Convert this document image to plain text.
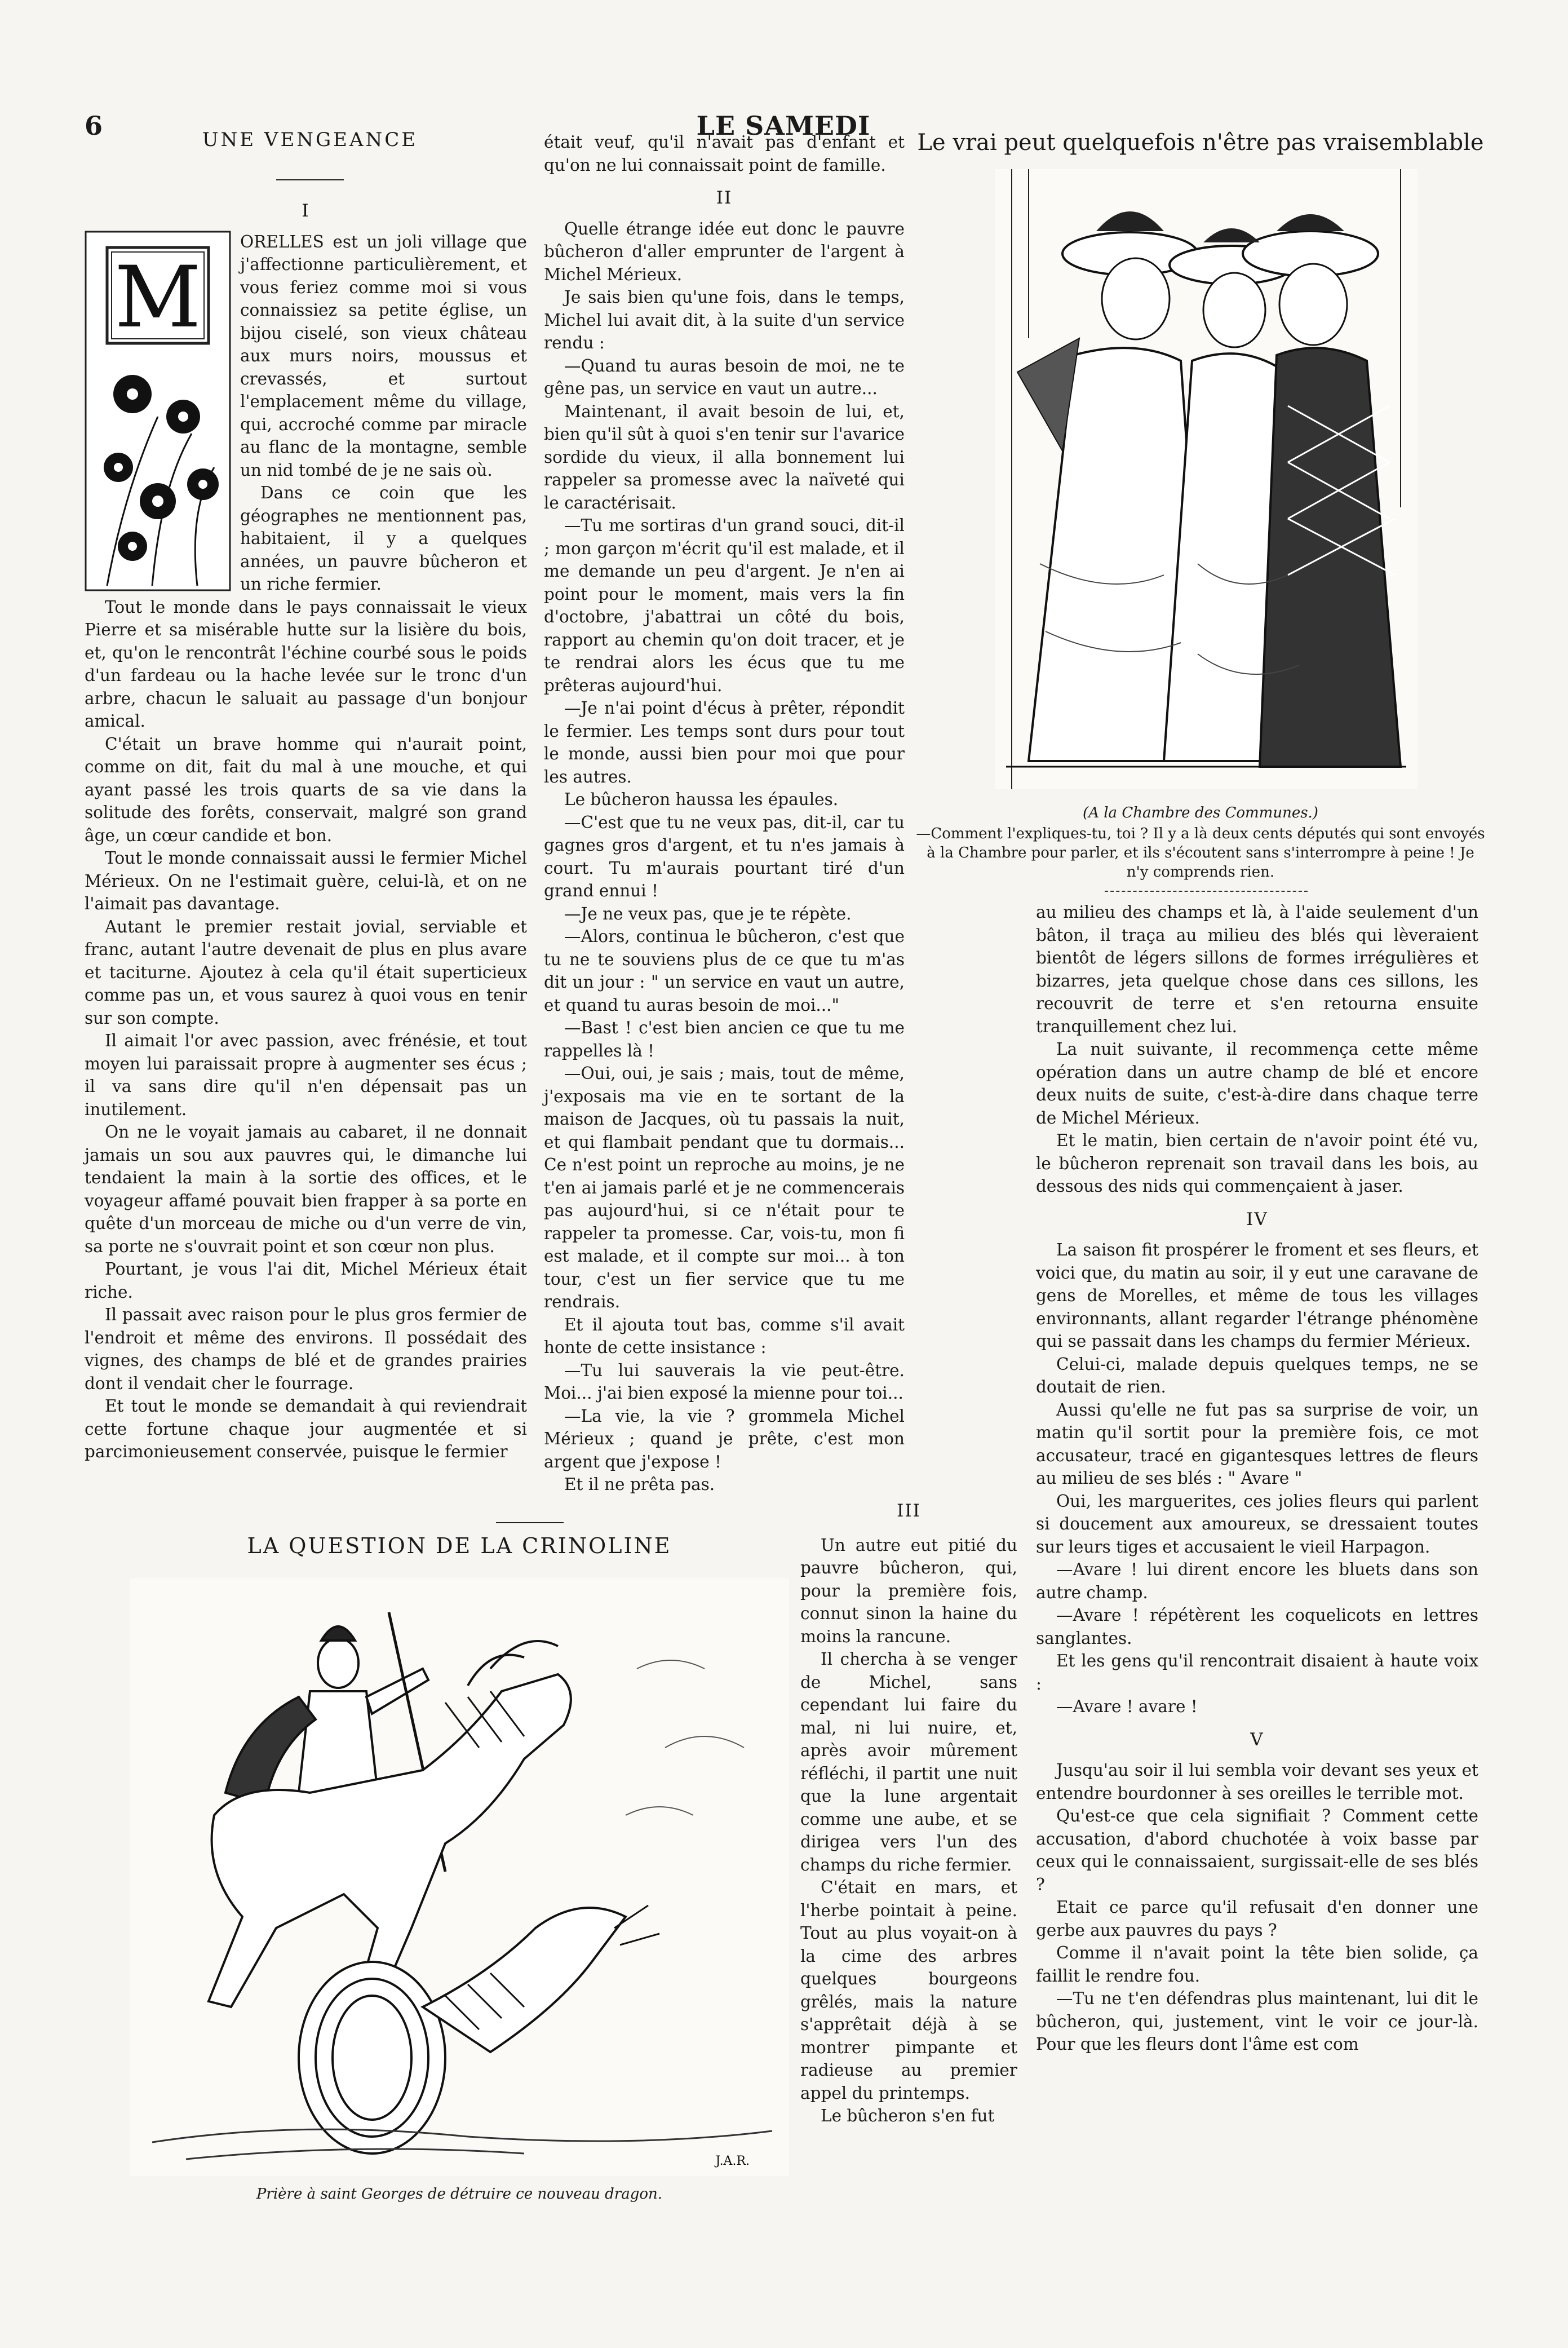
6	LE SAMEDI
UNE VENGEANCE
I
M

ORELLES est un joli village que j'affectionne particulièrement, et vous feriez comme moi si vous connaissiez sa petite église, un bijou ciselé, son vieux château aux murs noirs, moussus et crevassés, et surtout l'emplacement même du village, qui, accroché comme par miracle au flanc de la montagne, semble un nid tombé de je ne sais où.

Dans ce coin que les géographes ne mentionnent pas, habitaient, il y a quelques années, un pauvre bûcheron et un riche fermier.

Tout le monde dans le pays connaissait le vieux Pierre et sa misérable hutte sur la lisière du bois, et, qu'on le rencontrât l'échine courbé sous le poids d'un fardeau ou la hache levée sur le tronc d'un arbre, chacun le saluait au passage d'un bonjour amical.

C'était un brave homme qui n'aurait point, comme on dit, fait du mal à une mouche, et qui ayant passé les trois quarts de sa vie dans la solitude des forêts, conservait, malgré son grand âge, un cœur candide et bon.

Tout le monde connaissait aussi le fermier Michel Mérieux. On ne l'estimait guère, celui-là, et on ne l'aimait pas davantage.

Autant le premier restait jovial, serviable et franc, autant l'autre devenait de plus en plus avare et taciturne. Ajoutez à cela qu'il était superticieux comme pas un, et vous saurez à quoi vous en tenir sur son compte.

Il aimait l'or avec passion, avec frénésie, et tout moyen lui paraissait propre à augmenter ses écus ; il va sans dire qu'il n'en dépensait pas un inutilement.

On ne le voyait jamais au cabaret, il ne donnait jamais un sou aux pauvres qui, le dimanche lui tendaient la main à la sortie des offices, et le voyageur affamé pouvait bien frapper à sa porte en quête d'un morceau de miche ou d'un verre de vin, sa porte ne s'ouvrait point et son cœur non plus.

Pourtant, je vous l'ai dit, Michel Mérieux était riche.

Il passait avec raison pour le plus gros fermier de l'endroit et même des environs. Il possédait des vignes, des champs de blé et de grandes prairies dont il vendait cher le fourrage.

Et tout le monde se demandait à qui reviendrait cette fortune chaque jour augmentée et si parcimonieusement conservée, puisque le fermier

était veuf, qu'il n'avait pas d'enfant et qu'on ne lui connaissait point de famille.

II

Quelle étrange idée eut donc le pauvre bûcheron d'aller emprunter de l'argent à Michel Mérieux.

Je sais bien qu'une fois, dans le temps, Michel lui avait dit, à la suite d'un service rendu :

—Quand tu auras besoin de moi, ne te gêne pas, un service en vaut un autre...

Maintenant, il avait besoin de lui, et, bien qu'il sût à quoi s'en tenir sur l'avarice sordide du vieux, il alla bonnement lui rappeler sa promesse avec la naïveté qui le caractérisait.

—Tu me sortiras d'un grand souci, dit-il ; mon garçon m'écrit qu'il est malade, et il me demande un peu d'argent. Je n'en ai point pour le moment, mais vers la fin d'octobre, j'abattrai un côté du bois, rapport au chemin qu'on doit tracer, et je te rendrai alors les écus que tu me prêteras aujourd'hui.

—Je n'ai point d'écus à prêter, répondit le fermier. Les temps sont durs pour tout le monde, aussi bien pour moi que pour les autres.

Le bûcheron haussa les épaules.

—C'est que tu ne veux pas, dit-il, car tu gagnes gros d'argent, et tu n'es jamais à court. Tu m'aurais pourtant tiré d'un grand ennui !

—Je ne veux pas, que je te répète.

—Alors, continua le bûcheron, c'est que tu ne te souviens plus de ce que tu m'as dit un jour : " un service en vaut un autre, et quand tu auras besoin de moi..."

—Bast ! c'est bien ancien ce que tu me rappelles là !

—Oui, oui, je sais ; mais, tout de même, j'exposais ma vie en te sortant de la maison de Jacques, où tu passais la nuit, et qui flambait pendant que tu dormais... Ce n'est point un reproche au moins, je ne t'en ai jamais parlé et je ne commencerais pas aujourd'hui, si ce n'était pour te rappeler ta promesse. Car, vois-tu, mon fi est malade, et il compte sur moi... à ton tour, c'est un fier service que tu me rendrais.

Et il ajouta tout bas, comme s'il avait honte de cette insistance :

—Tu lui sauverais la vie peut-être. Moi... j'ai bien exposé la mienne pour toi...

—La vie, la vie ? grommela Michel Mérieux ; quand je prête, c'est mon argent que j'expose !

Et il ne prêta pas.

Le vrai peut quelquefois n'être pas vraisemblable
(A la Chambre des Communes.)
—Comment l'expliques-tu, toi ? Il y a là deux cents députés qui sont envoyés à la Chambre pour parler, et ils s'écoutent sans s'interrompre à peine ! Je n'y comprends rien.

au milieu des champs et là, à l'aide seulement d'un bâton, il traça au milieu des blés qui lèveraient bientôt de légers sillons de formes irrégulières et bizarres, jeta quelque chose dans ces sillons, les recouvrit de terre et s'en retourna ensuite tranquillement chez lui.

La nuit suivante, il recommença cette même opération dans un autre champ de blé et encore deux nuits de suite, c'est-à-dire dans chaque terre de Michel Mérieux.

Et le matin, bien certain de n'avoir point été vu, le bûcheron reprenait son travail dans les bois, au dessous des nids qui commençaient à jaser.

IV

La saison fit prospérer le froment et ses fleurs, et voici que, du matin au soir, il y eut une caravane de gens de Morelles, et même de tous les villages environnants, allant regarder l'étrange phénomène qui se passait dans les champs du fermier Mérieux.

Celui-ci, malade depuis quelques temps, ne se doutait de rien.

Aussi qu'elle ne fut pas sa surprise de voir, un matin qu'il sortit pour la première fois, ce mot accusateur, tracé en gigantesques lettres de fleurs au milieu de ses blés : " Avare "

Oui, les marguerites, ces jolies fleurs qui parlent si doucement aux amoureux, se dressaient toutes sur leurs tiges et accusaient le vieil Harpagon.

—Avare ! lui dirent encore les bluets dans son autre champ.

—Avare ! répétèrent les coquelicots en lettres sanglantes.

Et les gens qu'il rencontrait disaient à haute voix :

—Avare ! avare !

V

Jusqu'au soir il lui sembla voir devant ses yeux et entendre bourdonner à ses oreilles le terrible mot.

Qu'est-ce que cela signifiait ? Comment cette accusation, d'abord chuchotée à voix basse par ceux qui le connaissaient, surgissait-elle de ses blés ?

Etait ce parce qu'il refusait d'en donner une gerbe aux pauvres du pays ?

Comme il n'avait point la tête bien solide, ça faillit le rendre fou.

—Tu ne t'en défendras plus maintenant, lui dit le bûcheron, qui, justement, vint le voir ce jour-là. Pour que les fleurs dont l'âme est com

LA QUESTION DE LA CRINOLINE
J.A.R.
Prière à saint Georges de détruire ce nouveau dragon.
III

Un autre eut pitié du pauvre bûcheron, qui, pour la première fois, connut sinon la haine du moins la rancune.

Il chercha à se venger de Michel, sans cependant lui faire du mal, ni lui nuire, et, après avoir mûrement réfléchi, il partit une nuit que la lune argentait comme une aube, et se dirigea vers l'un des champs du riche fermier.

C'était en mars, et l'herbe pointait à peine. Tout au plus voyait-on à la cime des arbres quelques bourgeons grêlés, mais la nature s'apprêtait déjà à se montrer pimpante et radieuse au premier appel du printemps.

Le bûcheron s'en fut
